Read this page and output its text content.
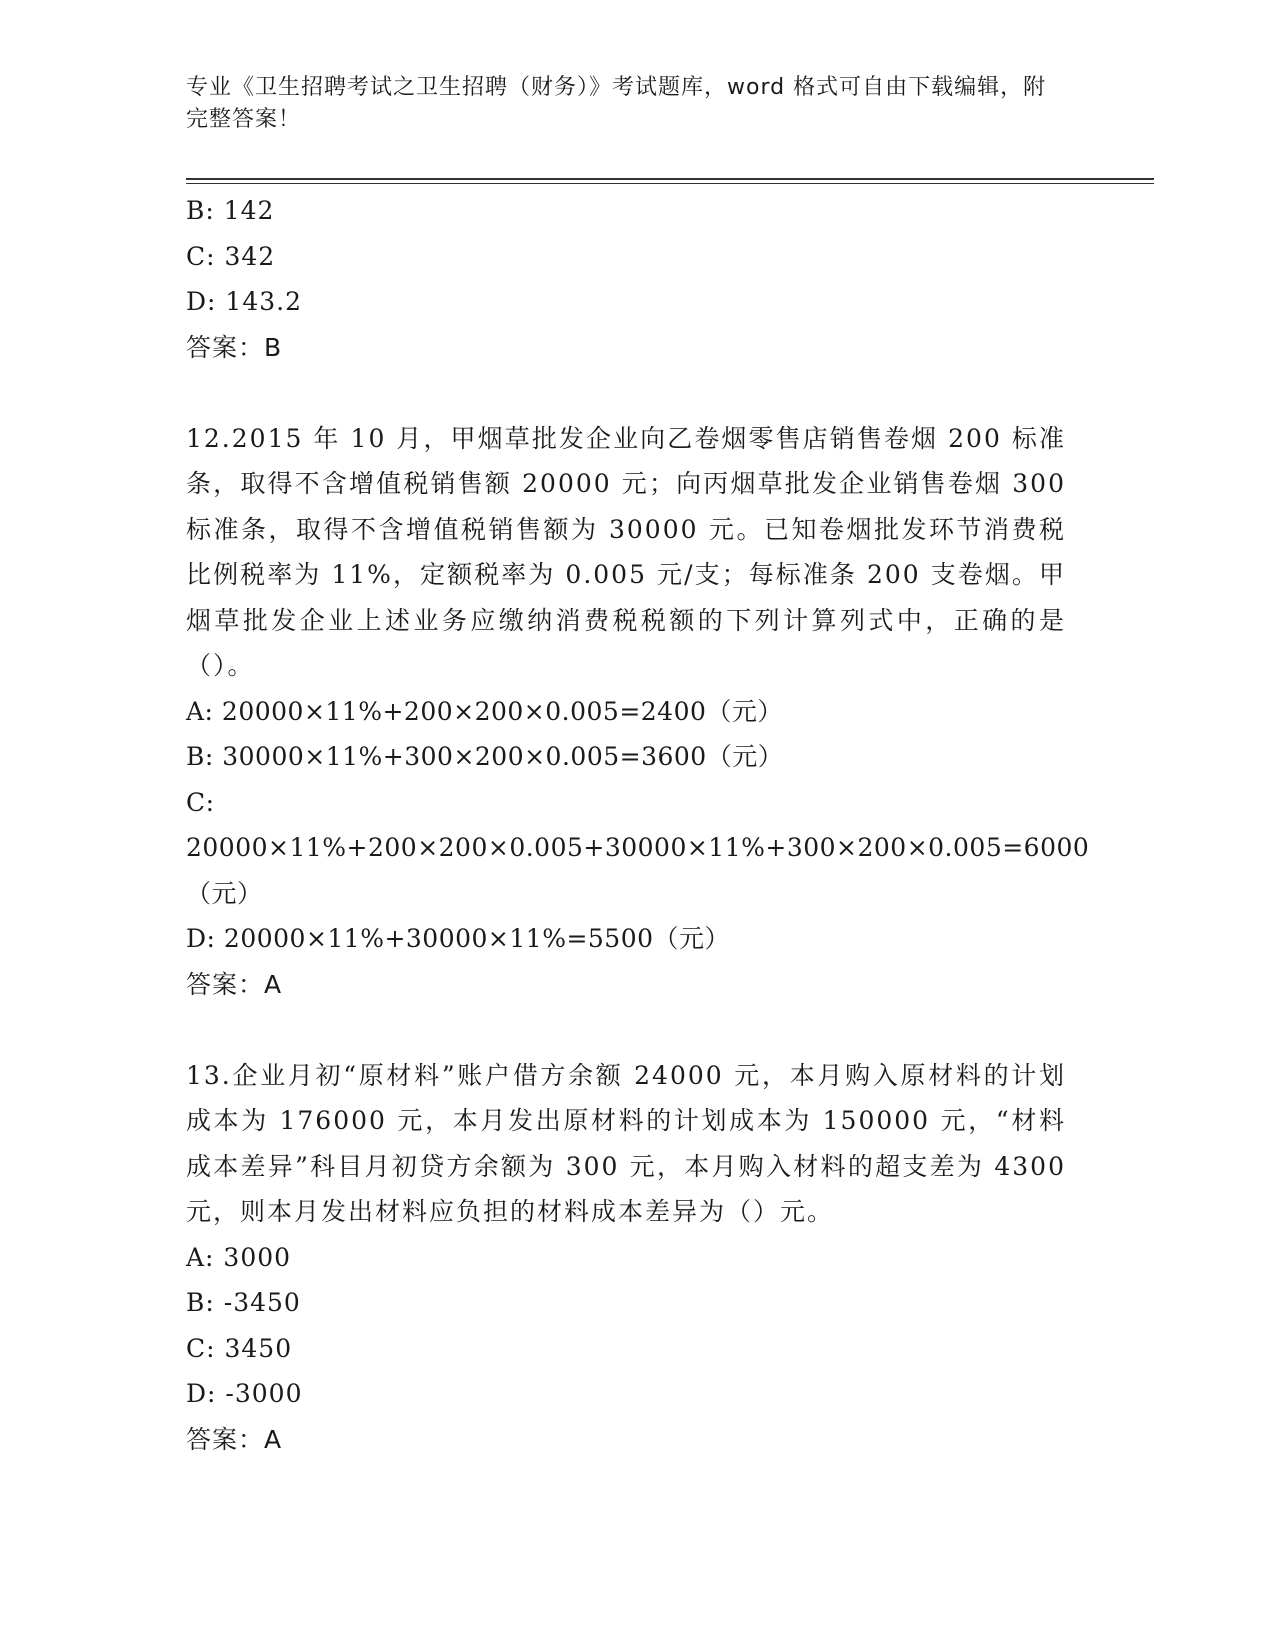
专业《卫生招聘考试之卫生招聘（财务）》考试题库，word 格式可自由下载编辑，附完整答案！
B: 142
C: 342
D: 143.2
答案：B
12.2015 年 10 月，甲烟草批发企业向乙卷烟零售店销售卷烟 200 标准条，取得不含增值税销售额 20000 元；向丙烟草批发企业销售卷烟 300 标准条，取得不含增值税销售额为 30000 元。已知卷烟批发环节消费税比例税率为 11%，定额税率为 0.005 元/支；每标准条 200 支卷烟。甲烟草批发企业上述业务应缴纳消费税税额的下列计算列式中，正确的是（）。
A: 20000×11%+200×200×0.005=2400（元）
B: 30000×11%+300×200×0.005=3600（元）
C: 20000×11%+200×200×0.005+30000×11%+300×200×0.005=6000（元）
D: 20000×11%+30000×11%=5500（元）
答案：A
13.企业月初“原材料”账户借方余额 24000 元，本月购入原材料的计划成本为 176000 元，本月发出原材料的计划成本为 150000 元，“材料成本差异”科目月初贷方余额为 300 元，本月购入材料的超支差为 4300 元，则本月发出材料应负担的材料成本差异为（）元。
A: 3000
B: -3450
C: 3450
D: -3000
答案：A
